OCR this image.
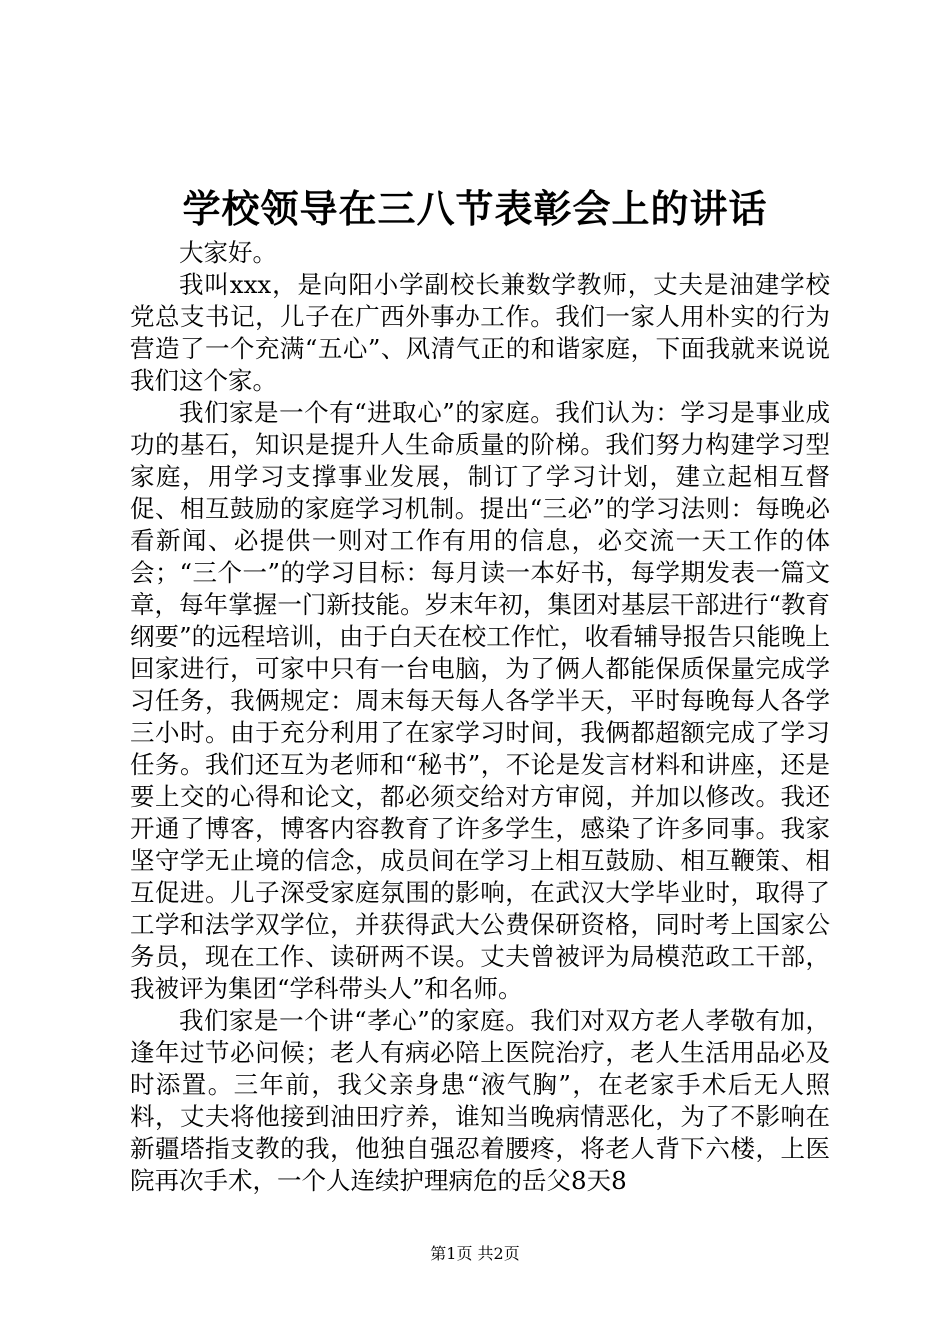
学校领导在三八节表彰会上的讲话

大家好。

我叫xxx，是向阳小学副校长兼数学教师，丈夫是油建学校党总支书记，儿子在广西外事办工作。我们一家人用朴实的行为营造了一个充满“五心”、风清气正的和谐家庭，下面我就来说说我们这个家。

我们家是一个有“进取心”的家庭。我们认为：学习是事业成功的基石，知识是提升人生命质量的阶梯。我们努力构建学习型家庭，用学习支撑事业发展，制订了学习计划，建立起相互督促、相互鼓励的家庭学习机制。提出“三必”的学习法则：每晚必看新闻、必提供一则对工作有用的信息，必交流一天工作的体会；“三个一”的学习目标：每月读一本好书，每学期发表一篇文章，每年掌握一门新技能。岁末年初，集团对基层干部进行“教育纲要”的远程培训，由于白天在校工作忙，收看辅导报告只能晚上回家进行，可家中只有一台电脑，为了俩人都能保质保量完成学习任务，我俩规定：周末每天每人各学半天，平时每晚每人各学三小时。由于充分利用了在家学习时间，我俩都超额完成了学习任务。我们还互为老师和“秘书”，不论是发言材料和讲座，还是要上交的心得和论文，都必须交给对方审阅，并加以修改。我还开通了博客，博客内容教育了许多学生，感染了许多同事。我家坚守学无止境的信念，成员间在学习上相互鼓励、相互鞭策、相互促进。儿子深受家庭氛围的影响，在武汉大学毕业时，取得了工学和法学双学位，并获得武大公费保研资格，同时考上国家公务员，现在工作、读研两不误。丈夫曾被评为局模范政工干部，我被评为集团“学科带头人”和名师。

我们家是一个讲“孝心”的家庭。我们对双方老人孝敬有加，逢年过节必问候；老人有病必陪上医院治疗，老人生活用品必及时添置。三年前，我父亲身患“液气胸”，在老家手术后无人照料，丈夫将他接到油田疗养，谁知当晚病情恶化，为了不影响在新疆塔指支教的我，他独自强忍着腰疼，将老人背下六楼，上医院再次手术，一个人连续护理病危的岳父8天8

第1页 共2页
